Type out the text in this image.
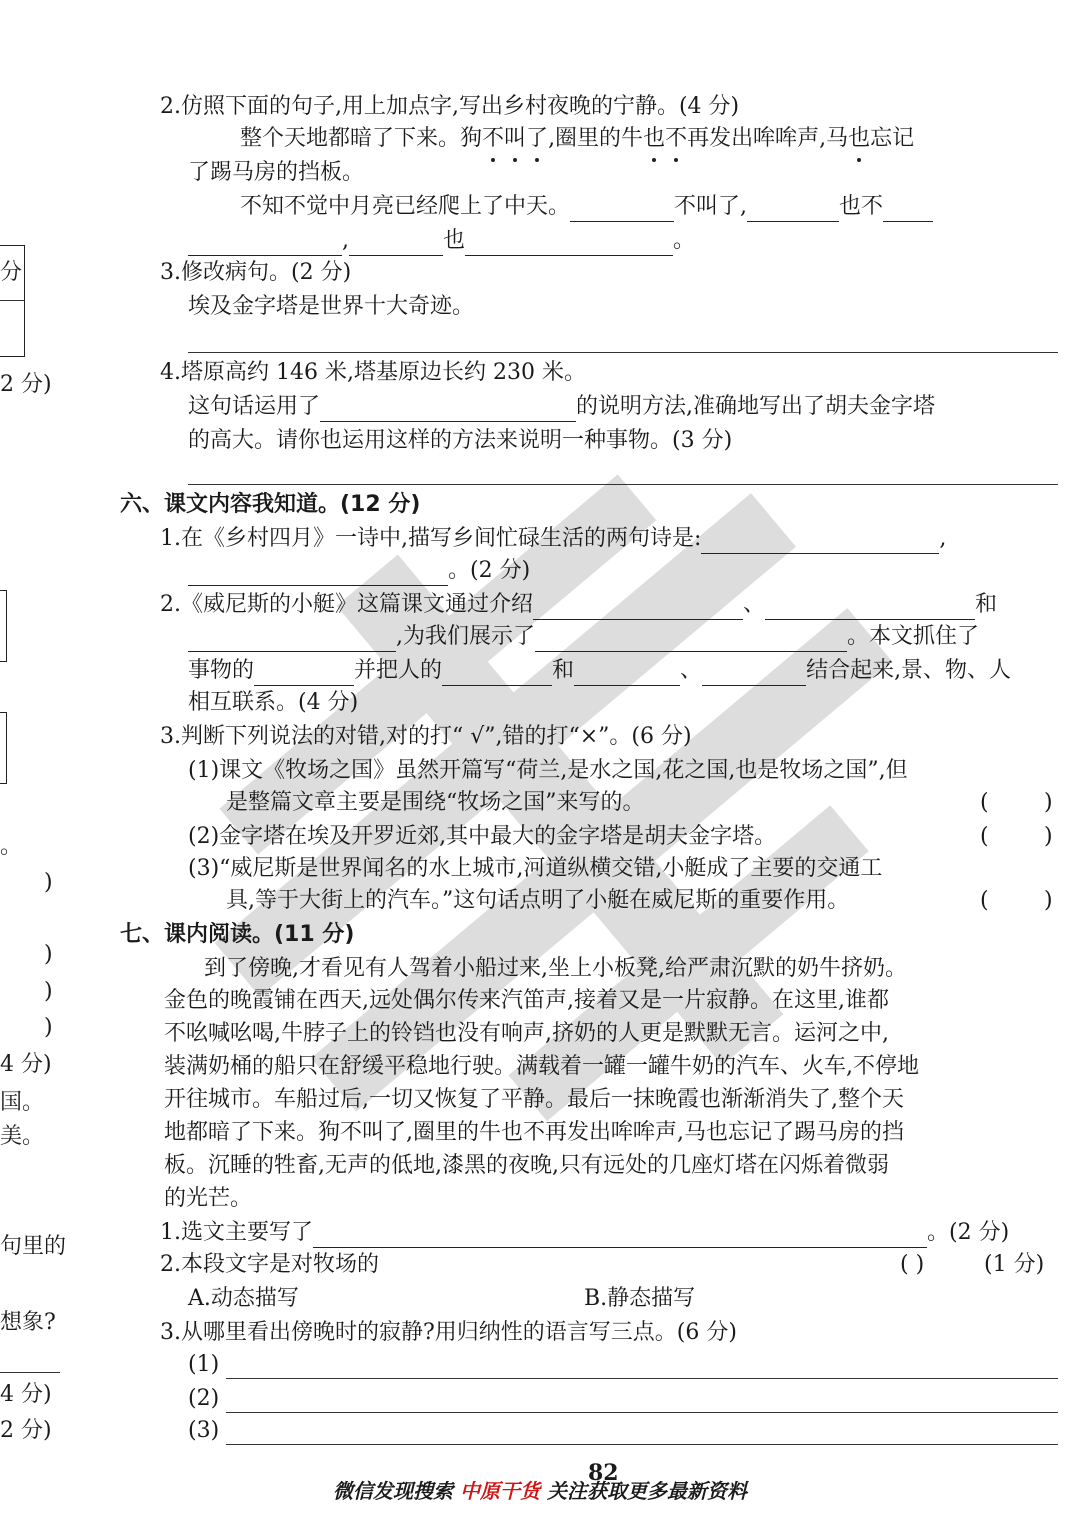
分
2 分)
。
)
)
)
)
4 分)
国。
美。
句里的
想象?
4 分)
2 分)
2.仿照下面的句子,用上加点字,写出乡村夜晚的宁静。(4 分)
整个天地都暗了下来。狗不叫了,圈里的牛也不再发出哞哞声,马也忘记
了踢马房的挡板。
不知不觉中月亮已经爬上了中天。	不叫了,	也不
,	也	。
3.修改病句。(2 分)
埃及金字塔是世界十大奇迹。
4.塔原高约 146 米,塔基原边长约 230 米。
这句话运用了	的说明方法,准确地写出了胡夫金字塔
的高大。请你也运用这样的方法来说明一种事物。(3 分)
六、课文内容我知道。(12 分)
1.在《乡村四月》一诗中,描写乡间忙碌生活的两句诗是:	,
。(2 分)
2.《威尼斯的小艇》这篇课文通过介绍	、	和
,为我们展示了	。本文抓住了
事物的	并把人的	和	、	结合起来,景、物、人
相互联系。(4 分)
3.判断下列说法的对错,对的打“ √”,错的打“×”。(6 分)
(1)课文《牧场之国》虽然开篇写“荷兰,是水之国,花之国,也是牧场之国”,但
是整篇文章主要是围绕“牧场之国”来写的。	(	)
(2)金字塔在埃及开罗近郊,其中最大的金字塔是胡夫金字塔。	(	)
(3)“威尼斯是世界闻名的水上城市,河道纵横交错,小艇成了主要的交通工
具,等于大街上的汽车。”这句话点明了小艇在威尼斯的重要作用。	(	)
七、课内阅读。(11 分)
到了傍晚,才看见有人驾着小船过来,坐上小板凳,给严肃沉默的奶牛挤奶。
金色的晚霞铺在西天,远处偶尔传来汽笛声,接着又是一片寂静。在这里,谁都
不吆喊吆喝,牛脖子上的铃铛也没有响声,挤奶的人更是默默无言。运河之中,
装满奶桶的船只在舒缓平稳地行驶。满载着一罐一罐牛奶的汽车、火车,不停地
开往城市。车船过后,一切又恢复了平静。最后一抹晚霞也渐渐消失了,整个天
地都暗了下来。狗不叫了,圈里的牛也不再发出哞哞声,马也忘记了踢马房的挡
板。沉睡的牲畜,无声的低地,漆黑的夜晚,只有远处的几座灯塔在闪烁着微弱
的光芒。
1.选文主要写了	。(2 分)
2.本段文字是对牧场的	( )	(1 分)
A.动态描写	B.静态描写
3.从哪里看出傍晚时的寂静?用归纳性的语言写三点。(6 分)
(1)
(2)
(3)
82
微信发现搜索 中原干货 关注获取更多最新资料
